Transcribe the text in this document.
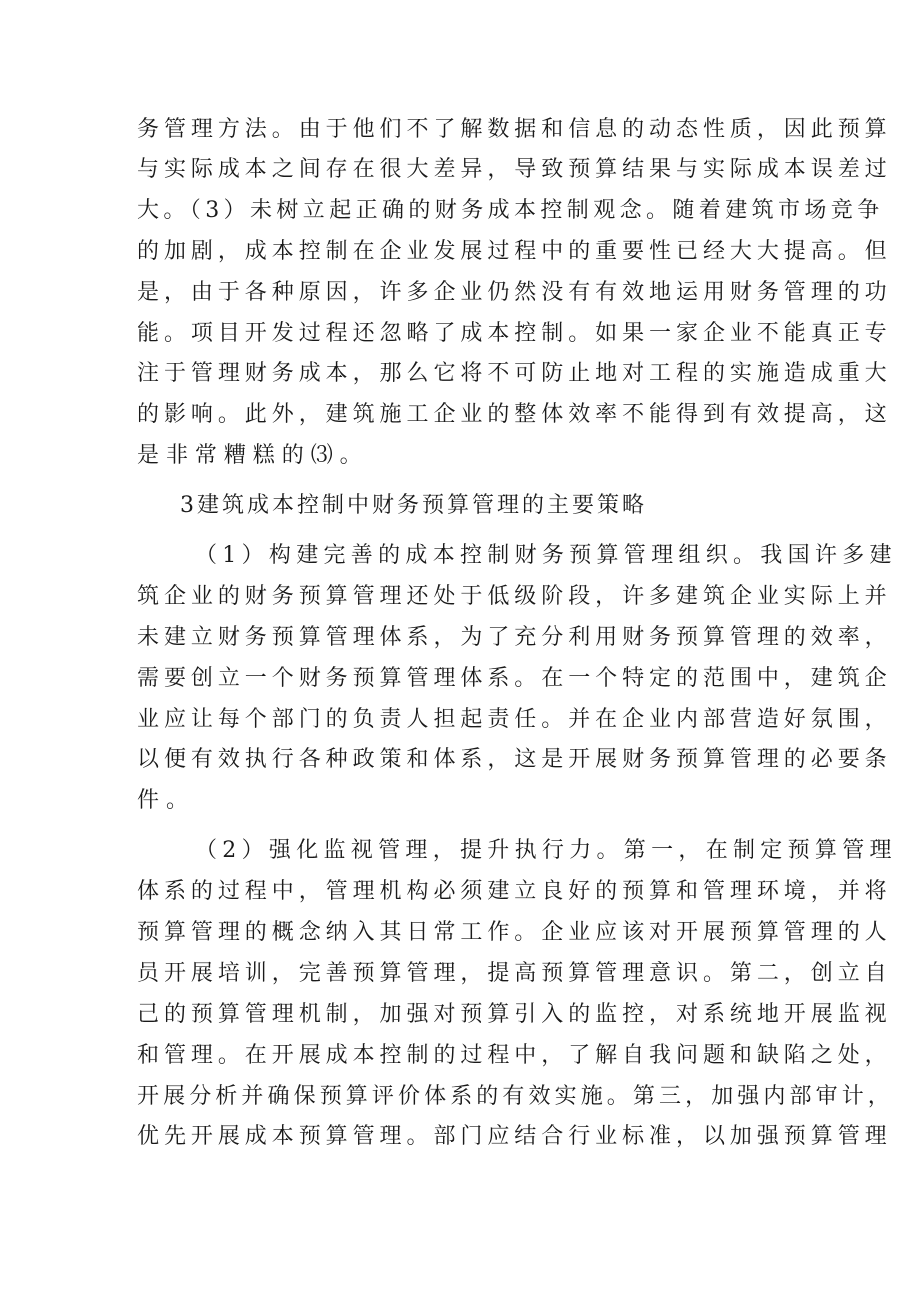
务管理方法。由于他们不了解数据和信息的动态性质，因此预算
与实际成本之间存在很大差异，导致预算结果与实际成本误差过
大。（3）未树立起正确的财务成本控制观念。随着建筑市场竞争
的加剧，成本控制在企业发展过程中的重要性已经大大提高。但
是，由于各种原因，许多企业仍然没有有效地运用财务管理的功
能。项目开发过程还忽略了成本控制。如果一家企业不能真正专
注于管理财务成本，那么它将不可防止地对工程的实施造成重大
的影响。此外，建筑施工企业的整体效率不能得到有效提高，这
是非常糟糕的⑶。
3建筑成本控制中财务预算管理的主要策略
（1）构建完善的成本控制财务预算管理组织。我国许多建
筑企业的财务预算管理还处于低级阶段，许多建筑企业实际上并
未建立财务预算管理体系，为了充分利用财务预算管理的效率，
需要创立一个财务预算管理体系。在一个特定的范围中，建筑企
业应让每个部门的负责人担起责任。并在企业内部营造好氛围，
以便有效执行各种政策和体系，这是开展财务预算管理的必要条
件。
（2）强化监视管理，提升执行力。第一，在制定预算管理
体系的过程中，管理机构必须建立良好的预算和管理环境，并将
预算管理的概念纳入其日常工作。企业应该对开展预算管理的人
员开展培训，完善预算管理，提高预算管理意识。第二，创立自
己的预算管理机制，加强对预算引入的监控，对系统地开展监视
和管理。在开展成本控制的过程中，了解自我问题和缺陷之处，
开展分析并确保预算评价体系的有效实施。第三，加强内部审计，
优先开展成本预算管理。部门应结合行业标准，以加强预算管理
